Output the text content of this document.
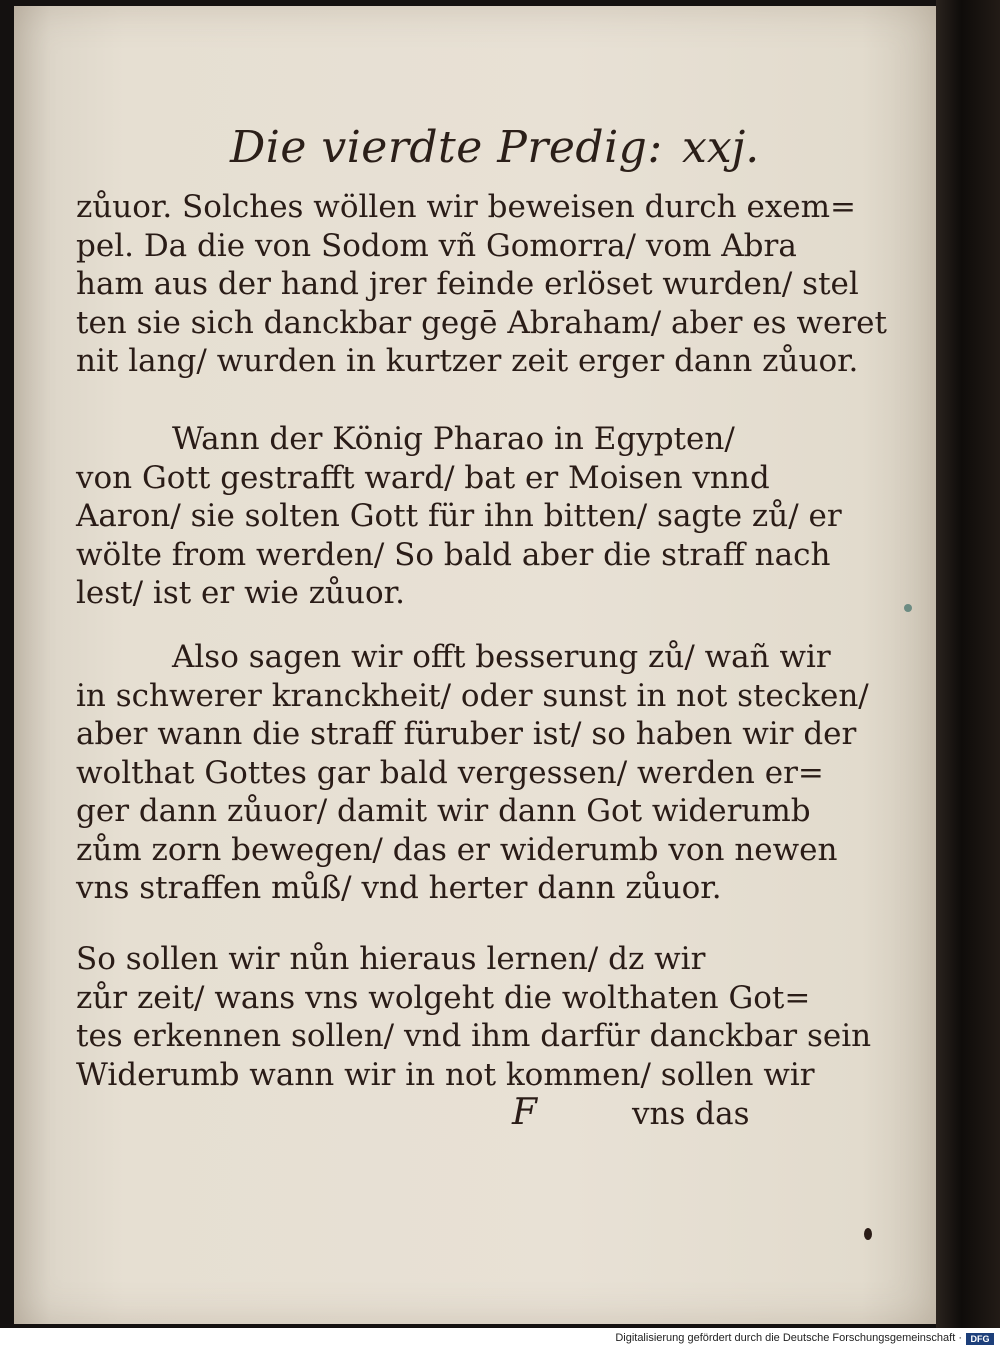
Die vierdte Predig: xxj.
zůuor. Solches wöllen wir beweisen durch exem=
pel. Da die von Sodom vñ Gomorra/ vom Abra
ham aus der hand jrer feinde erlöset wurden/ stel
ten sie sich danckbar gegē Abraham/ aber es weret
nit lang/ wurden in kurtzer zeit erger dann zůuor.
Wann der König Pharao in Egypten/
von Gott gestrafft ward/ bat er Moisen vnnd
Aaron/ sie solten Gott für ihn bitten/ sagte zů/ er
wölte from werden/ So bald aber die straff nach
lest/ ist er wie zůuor.
Also sagen wir offt besserung zů/ wañ wir
in schwerer kranckheit/ oder sunst in not stecken/
aber wann die straff füruber ist/ so haben wir der
wolthat Gottes gar bald vergessen/ werden er=
ger dann zůuor/ damit wir dann Got widerumb
zům zorn bewegen/ das er widerumb von newen
vns straffen můß/ vnd herter dann zůuor.
So sollen wir nůn hieraus lernen/ dz wir
zůr zeit/ wans vns wolgeht die wolthaten Got=
tes erkennen sollen/ vnd ihm darfür danckbar sein
Widerumb wann wir in not kommen/ sollen wir
F	vns das
Digitalisierung gefördert durch die Deutsche Forschungsgemeinschaft · DFG
